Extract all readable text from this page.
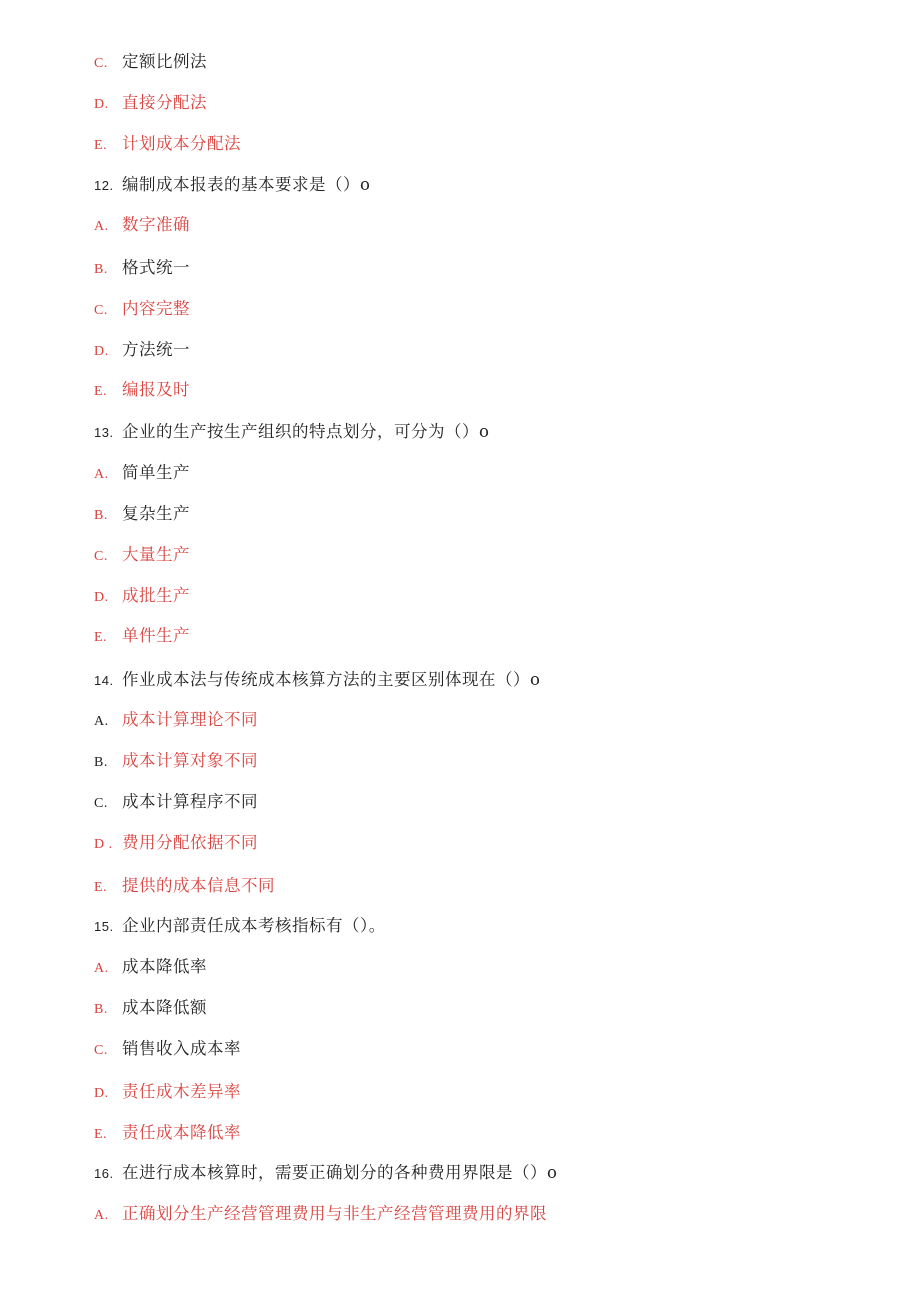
C. 定额比例法
D. 直接分配法
E. 计划成本分配法
12. 编制成本报表的基本要求是（）o
A. 数字准确
B. 格式统一
C. 内容完整
D. 方法统一
E. 编报及时
13. 企业的生产按生产组织的特点划分，可分为（）o
A. 简单生产
B. 复杂生产
C. 大量生产
D. 成批生产
E. 单件生产
14. 作业成本法与传统成本核算方法的主要区别体现在（）o
A. 成本计算理论不同
B. 成本计算对象不同
C. 成本计算程序不同
D . 费用分配依据不同
E. 提供的成本信息不同
15. 企业内部责任成本考核指标有（）。
A. 成本降低率
B. 成本降低额
C. 销售收入成本率
D. 责任成木差异率
E. 责任成本降低率
16. 在进行成本核算时，需要正确划分的各种费用界限是（）o
A. 正确划分生产经营管理费用与非生产经营管理费用的界限
